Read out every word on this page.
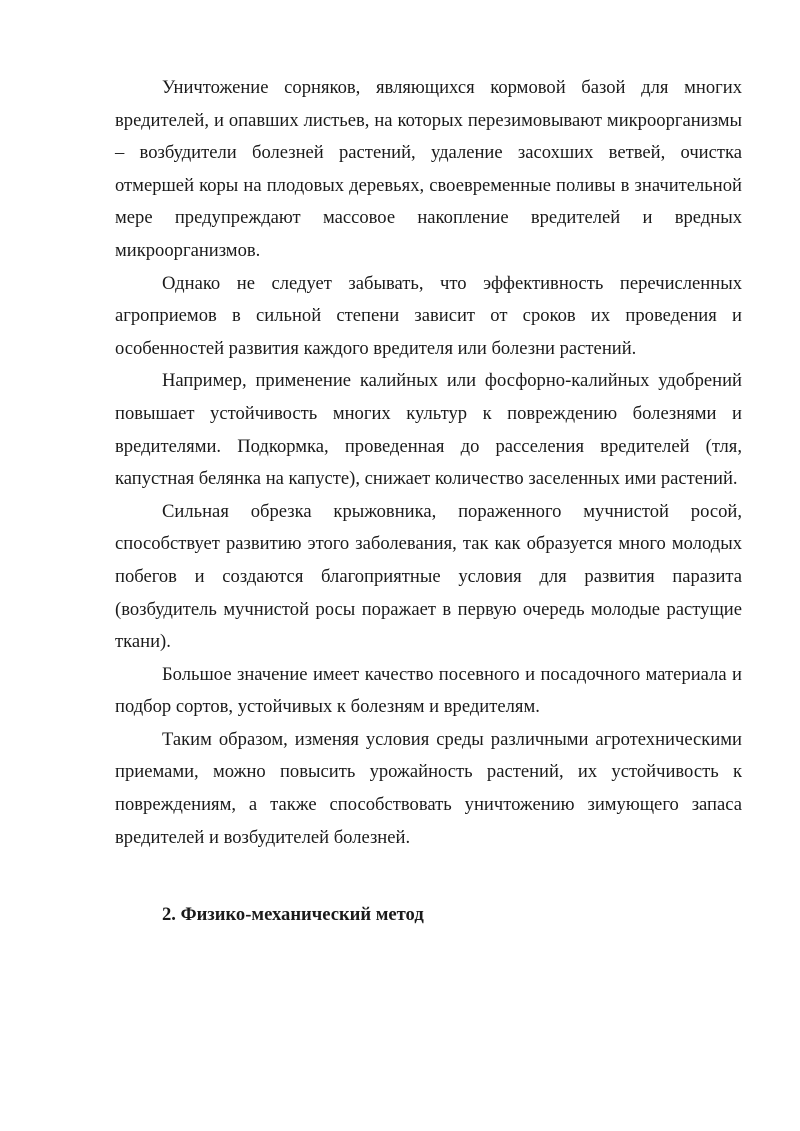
Уничтожение сорняков, являющихся кормовой базой для многих вредителей, и опавших листьев, на которых перезимовывают микроорганизмы – возбудители болезней растений, удаление засохших ветвей, очистка отмершей коры на плодовых деревьях, своевременные поливы в значительной мере предупреждают массовое накопление вредителей и вредных микроорганизмов.

Однако не следует забывать, что эффективность перечисленных агроприемов в сильной степени зависит от сроков их проведения и особенностей развития каждого вредителя или болезни растений.

Например, применение калийных или фосфорно-калийных удобрений повышает устойчивость многих культур к повреждению болезнями и вредителями. Подкормка, проведенная до расселения вредителей (тля, капустная белянка на капусте), снижает количество заселенных ими растений.

Сильная обрезка крыжовника, пораженного мучнистой росой, способствует развитию этого заболевания, так как образуется много молодых побегов и создаются благоприятные условия для развития паразита (возбудитель мучнистой росы поражает в первую очередь молодые растущие ткани).

Большое значение имеет качество посевного и посадочного материала и подбор сортов, устойчивых к болезням и вредителям.

Таким образом, изменяя условия среды различными агротехническими приемами, можно повысить урожайность растений, их устойчивость к повреждениям, а также способствовать уничтожению зимующего запаса вредителей и возбудителей болезней.

2. Физико-механический метод
